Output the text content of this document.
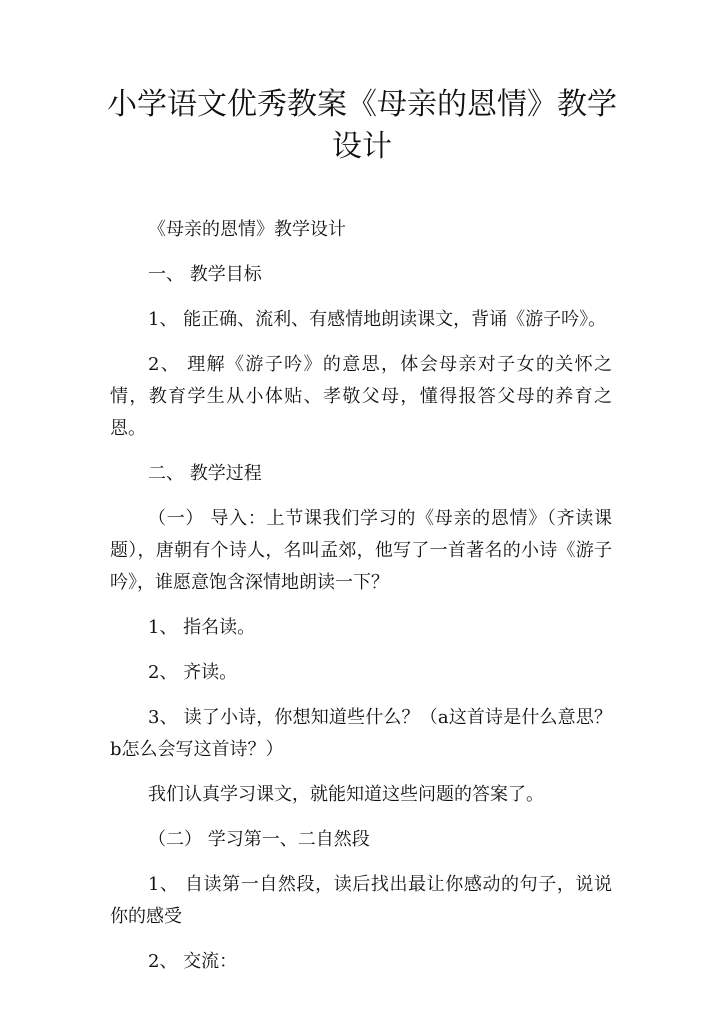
小学语文优秀教案《母亲的恩情》教学设计

《母亲的恩情》教学设计

一、 教学目标

1、 能正确、流利、有感情地朗读课文，背诵《游子吟》。

2、 理解《游子吟》的意思，体会母亲对子女的关怀之情，教育学生从小体贴、孝敬父母，懂得报答父母的养育之恩。

二、 教学过程

（一） 导入：上节课我们学习的《母亲的恩情》（齐读课题），唐朝有个诗人，名叫孟郊，他写了一首著名的小诗《游子吟》，谁愿意饱含深情地朗读一下？

1、 指名读。

2、 齐读。

3、 读了小诗，你想知道些什么？（a这首诗是什么意思？b怎么会写这首诗？）

我们认真学习课文，就能知道这些问题的答案了。

（二） 学习第一、二自然段

1、 自读第一自然段，读后找出最让你感动的句子，说说你的感受

2、 交流：
